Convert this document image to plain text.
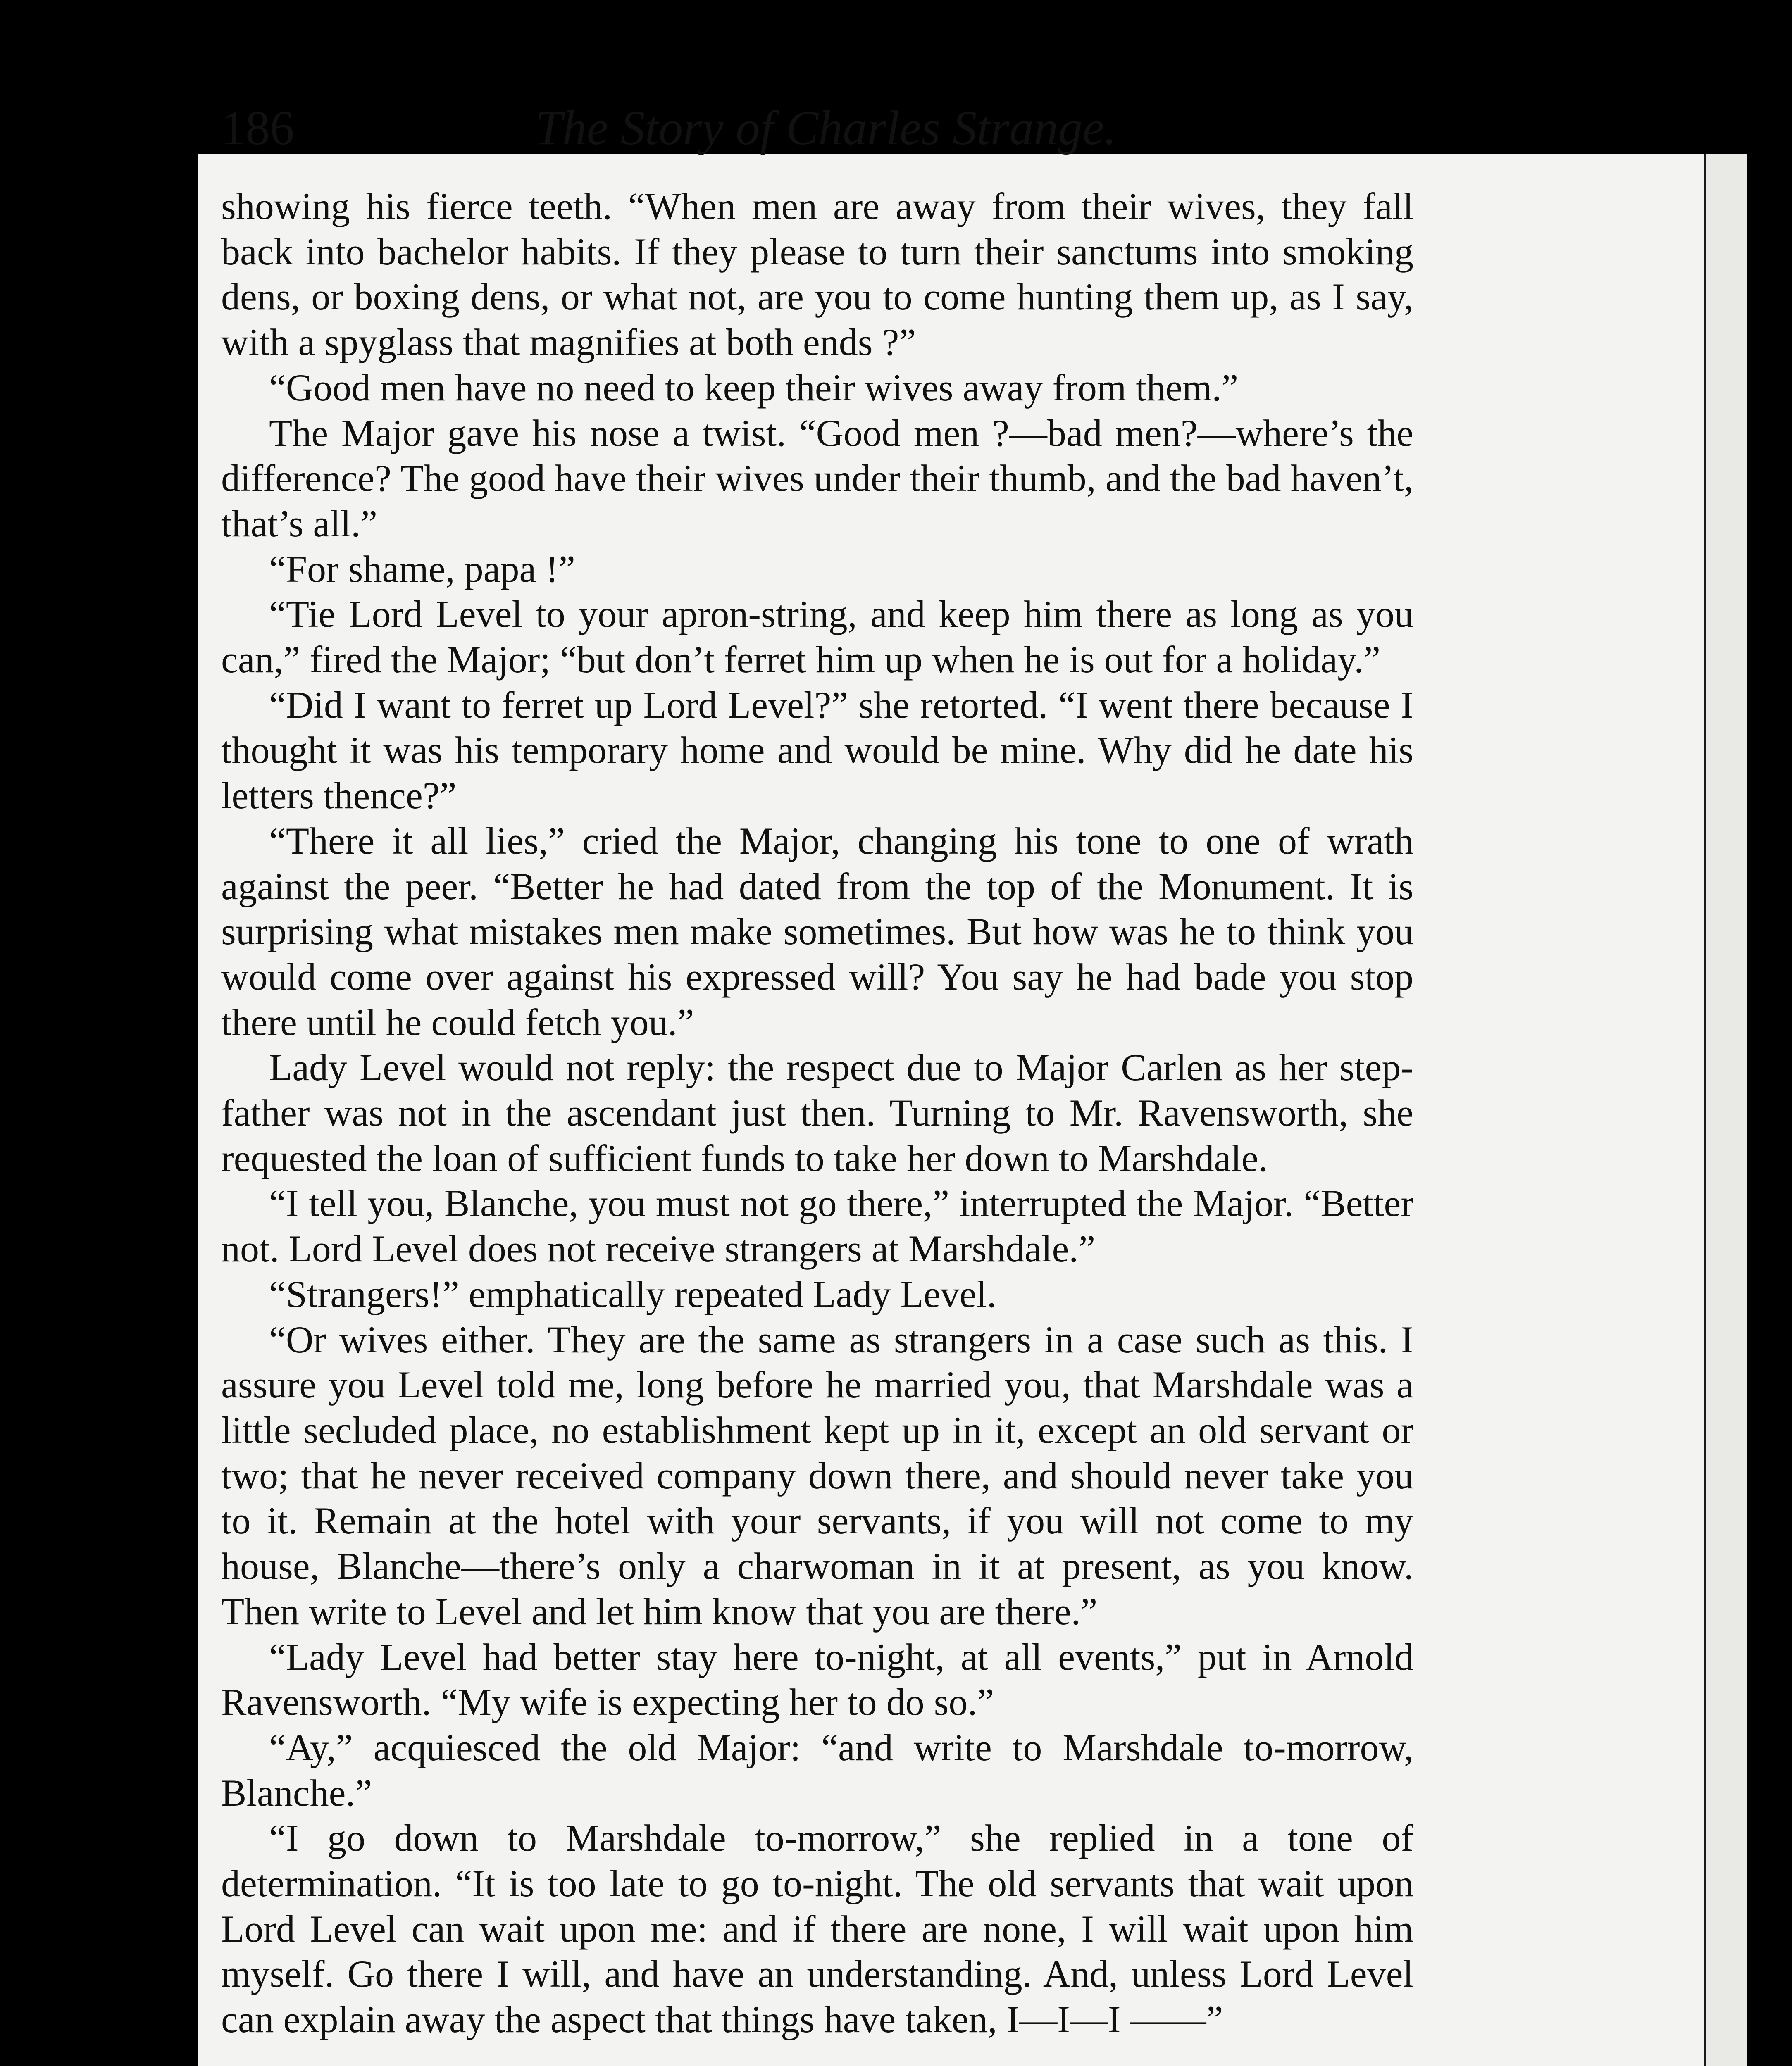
186	The Story of Charles Strange.

showing his fierce teeth. “When men are away from their wives, they fall back into bachelor habits. If they please to turn their sanctums into smoking dens, or boxing dens, or what not, are you to come hunting them up, as I say, with a spyglass that magnifies at both ends ?”

“Good men have no need to keep their wives away from them.”

The Major gave his nose a twist. “Good men ?—bad men?—where’s the difference? The good have their wives under their thumb, and the bad haven’t, that’s all.”

“For shame, papa !”

“Tie Lord Level to your apron-string, and keep him there as long as you can,” fired the Major; “but don’t ferret him up when he is out for a holiday.”

“Did I want to ferret up Lord Level?” she retorted. “I went there because I thought it was his temporary home and would be mine. Why did he date his letters thence?”

“There it all lies,” cried the Major, changing his tone to one of wrath against the peer. “Better he had dated from the top of the Monument. It is surprising what mistakes men make sometimes. But how was he to think you would come over against his expressed will? You say he had bade you stop there until he could fetch you.”

Lady Level would not reply: the respect due to Major Carlen as her step-father was not in the ascendant just then. Turning to Mr. Ravensworth, she requested the loan of sufficient funds to take her down to Marshdale.

“I tell you, Blanche, you must not go there,” interrupted the Major. “Better not. Lord Level does not receive strangers at Marshdale.”

“Strangers!” emphatically repeated Lady Level.

“Or wives either. They are the same as strangers in a case such as this. I assure you Level told me, long before he married you, that Marshdale was a little secluded place, no establishment kept up in it, except an old servant or two; that he never received company down there, and should never take you to it. Remain at the hotel with your servants, if you will not come to my house, Blanche—there’s only a charwoman in it at present, as you know. Then write to Level and let him know that you are there.”

“Lady Level had better stay here to-night, at all events,” put in Arnold Ravensworth. “My wife is expecting her to do so.”

“Ay,” acquiesced the old Major: “and write to Marshdale to-morrow, Blanche.”

“I go down to Marshdale to-morrow,” she replied in a tone of determination. “It is too late to go to-night. The old servants that wait upon Lord Level can wait upon me: and if there are none, I will wait upon him myself. Go there I will, and have an understanding. And, unless Lord Level can explain away the aspect that things have taken, I—I—I ——”
